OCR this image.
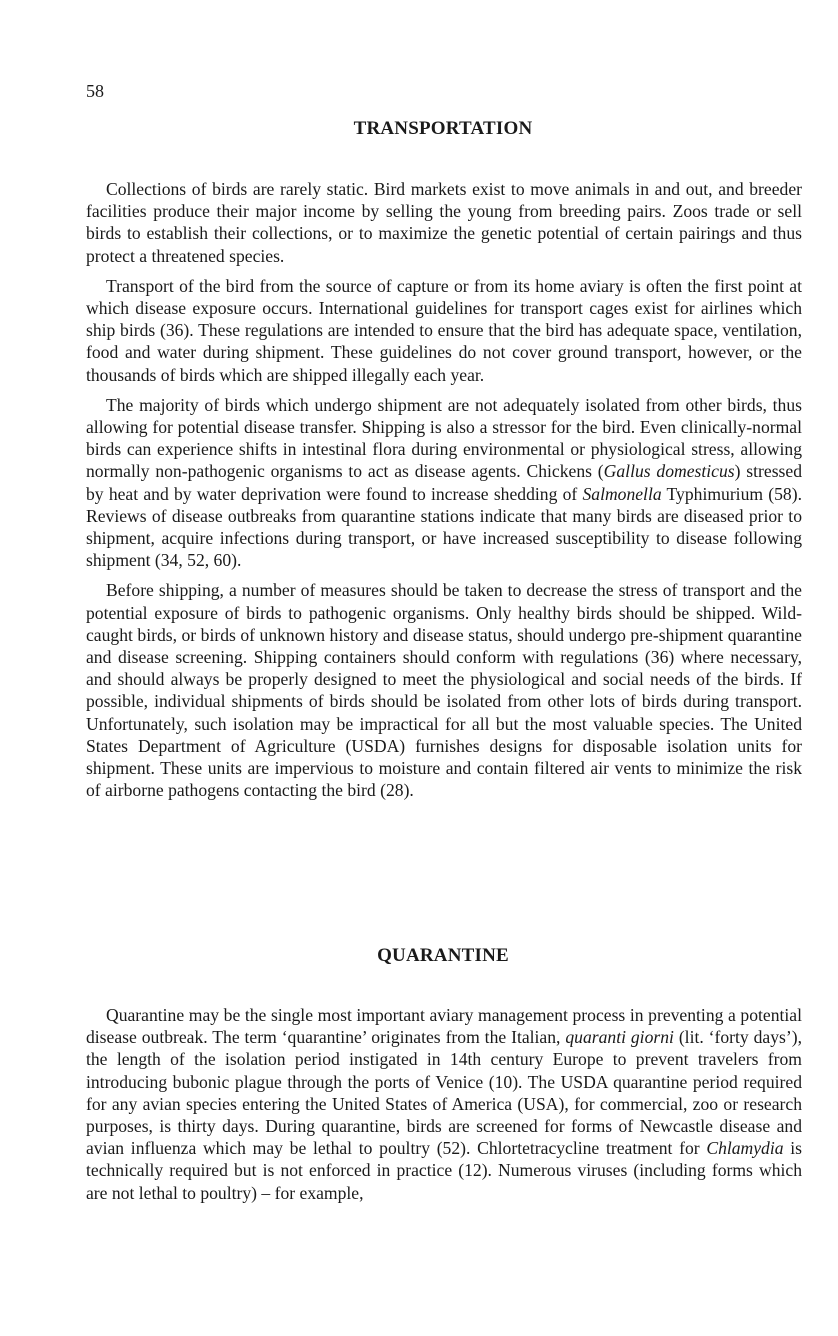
58
TRANSPORTATION

Collections of birds are rarely static. Bird markets exist to move animals in and out, and breeder facilities produce their major income by selling the young from breeding pairs. Zoos trade or sell birds to establish their collections, or to maximize the genetic potential of certain pairings and thus protect a threatened species.

Transport of the bird from the source of capture or from its home aviary is often the first point at which disease exposure occurs. International guidelines for transport cages exist for airlines which ship birds (36). These regulations are intended to ensure that the bird has adequate space, ventilation, food and water during shipment. These guidelines do not cover ground transport, however, or the thousands of birds which are shipped illegally each year.

The majority of birds which undergo shipment are not adequately isolated from other birds, thus allowing for potential disease transfer. Shipping is also a stressor for the bird. Even clinically-normal birds can experience shifts in intestinal flora during environmental or physiological stress, allowing normally non-pathogenic organisms to act as disease agents. Chickens (Gallus domesticus) stressed by heat and by water deprivation were found to increase shedding of Salmonella Typhimurium (58). Reviews of disease outbreaks from quarantine stations indicate that many birds are diseased prior to shipment, acquire infections during transport, or have increased susceptibility to disease following shipment (34, 52, 60).

Before shipping, a number of measures should be taken to decrease the stress of transport and the potential exposure of birds to pathogenic organisms. Only healthy birds should be shipped. Wild-caught birds, or birds of unknown history and disease status, should undergo pre-shipment quarantine and disease screening. Shipping containers should conform with regulations (36) where necessary, and should always be properly designed to meet the physiological and social needs of the birds. If possible, individual shipments of birds should be isolated from other lots of birds during transport. Unfortunately, such isolation may be impractical for all but the most valuable species. The United States Department of Agriculture (USDA) furnishes designs for disposable isolation units for shipment. These units are impervious to moisture and contain filtered air vents to minimize the risk of airborne pathogens contacting the bird (28).

QUARANTINE

Quarantine may be the single most important aviary management process in preventing a potential disease outbreak. The term ‘quarantine’ originates from the Italian, quaranti giorni (lit. ‘forty days’), the length of the isolation period instigated in 14th century Europe to prevent travelers from introducing bubonic plague through the ports of Venice (10). The USDA quarantine period required for any avian species entering the United States of America (USA), for commercial, zoo or research purposes, is thirty days. During quarantine, birds are screened for forms of Newcastle disease and avian influenza which may be lethal to poultry (52). Chlortetracycline treatment for Chlamydia is technically required but is not enforced in practice (12). Numerous viruses (including forms which are not lethal to poultry) – for example,
